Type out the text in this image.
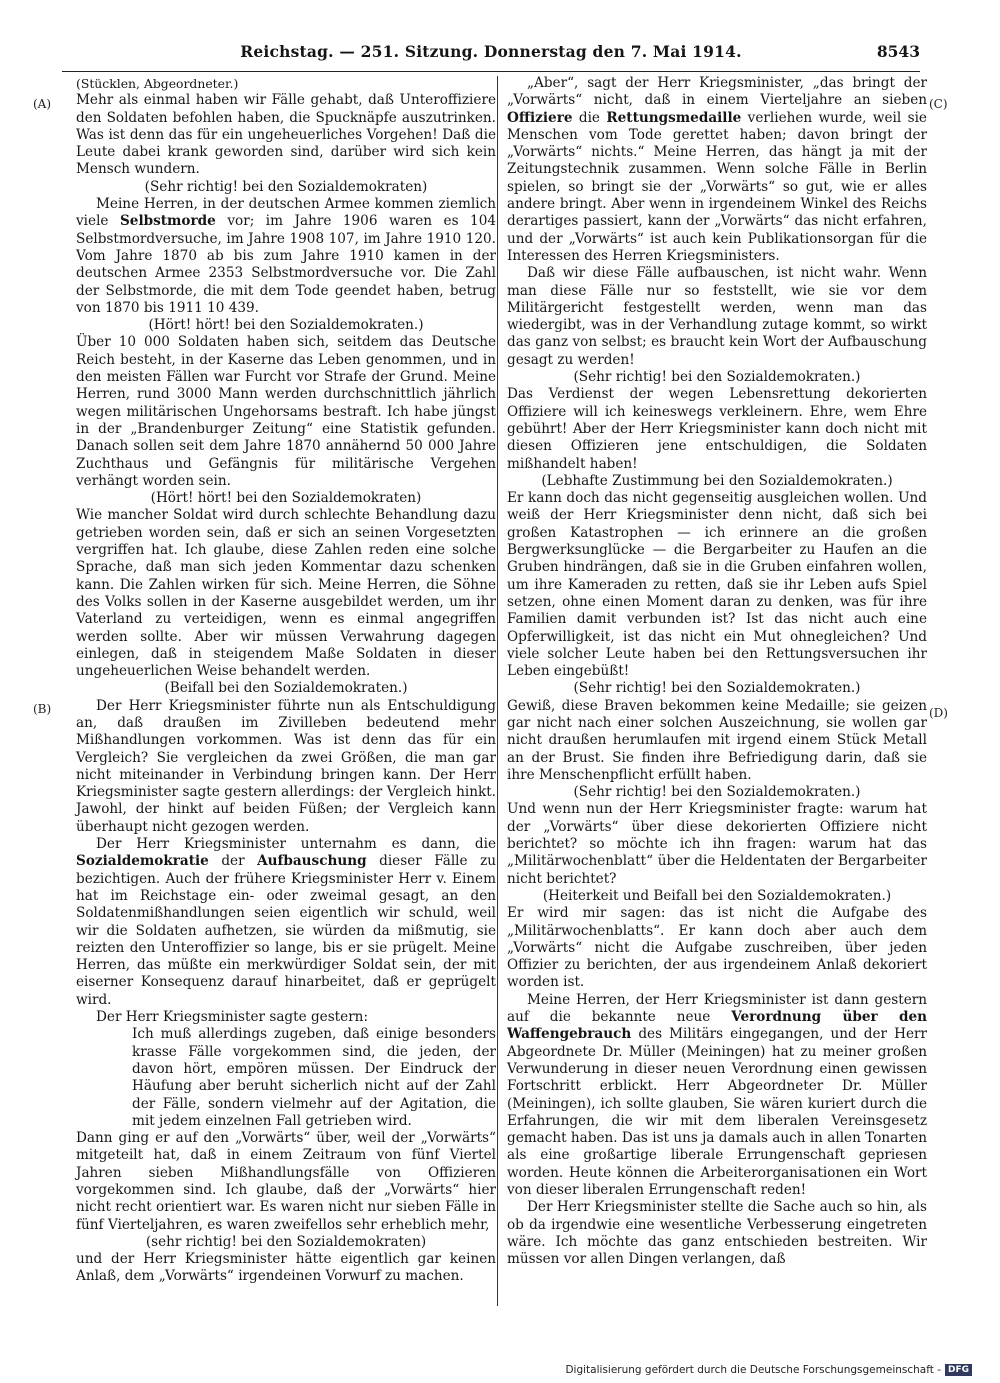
Reichstag. — 251. Sitzung. Donnerstag den 7. Mai 1914.	8543
(A)
(B)
(C)
(D)

(Stücklen, Abgeordneter.)

Mehr als einmal haben wir Fälle gehabt, daß Unteroffiziere den Soldaten befohlen haben, die Spucknäpfe auszutrinken. Was ist denn das für ein ungeheuerliches Vorgehen! Daß die Leute dabei krank geworden sind, darüber wird sich kein Mensch wundern.

(Sehr richtig! bei den Sozialdemokraten)

Meine Herren, in der deutschen Armee kommen ziemlich viele Selbstmorde vor; im Jahre 1906 waren es 104 Selbstmordversuche, im Jahre 1908 107, im Jahre 1910 120. Vom Jahre 1870 ab bis zum Jahre 1910 kamen in der deutschen Armee 2353 Selbstmordversuche vor. Die Zahl der Selbstmorde, die mit dem Tode geendet haben, betrug von 1870 bis 1911 10 439.

(Hört! hört! bei den Sozialdemokraten.)

Über 10 000 Soldaten haben sich, seitdem das Deutsche Reich besteht, in der Kaserne das Leben genommen, und in den meisten Fällen war Furcht vor Strafe der Grund. Meine Herren, rund 3000 Mann werden durchschnittlich jährlich wegen militärischen Ungehorsams bestraft. Ich habe jüngst in der „Brandenburger Zeitung“ eine Statistik gefunden. Danach sollen seit dem Jahre 1870 annähernd 50 000 Jahre Zuchthaus und Gefängnis für militärische Vergehen verhängt worden sein.

(Hört! hört! bei den Sozialdemokraten)

Wie mancher Soldat wird durch schlechte Behandlung dazu getrieben worden sein, daß er sich an seinen Vorgesetzten vergriffen hat. Ich glaube, diese Zahlen reden eine solche Sprache, daß man sich jeden Kommentar dazu schenken kann. Die Zahlen wirken für sich. Meine Herren, die Söhne des Volks sollen in der Kaserne ausgebildet werden, um ihr Vaterland zu verteidigen, wenn es einmal angegriffen werden sollte. Aber wir müssen Verwahrung dagegen einlegen, daß in steigendem Maße Soldaten in dieser ungeheuerlichen Weise behandelt werden.

(Beifall bei den Sozialdemokraten.)

Der Herr Kriegsminister führte nun als Entschuldigung an, daß draußen im Zivilleben bedeutend mehr Mißhandlungen vorkommen. Was ist denn das für ein Vergleich? Sie vergleichen da zwei Größen, die man gar nicht miteinander in Verbindung bringen kann. Der Herr Kriegsminister sagte gestern allerdings: der Vergleich hinkt. Jawohl, der hinkt auf beiden Füßen; der Vergleich kann überhaupt nicht gezogen werden.

Der Herr Kriegsminister unternahm es dann, die Sozialdemokratie der Aufbauschung dieser Fälle zu bezichtigen. Auch der frühere Kriegsminister Herr v. Einem hat im Reichstage ein- oder zweimal gesagt, an den Soldatenmißhandlungen seien eigentlich wir schuld, weil wir die Soldaten aufhetzen, sie würden da mißmutig, sie reizten den Unteroffizier so lange, bis er sie prügelt. Meine Herren, das müßte ein merkwürdiger Soldat sein, der mit eiserner Konsequenz darauf hinarbeitet, daß er geprügelt wird.

Der Herr Kriegsminister sagte gestern:

Ich muß allerdings zugeben, daß einige besonders krasse Fälle vorgekommen sind, die jeden, der davon hört, empören müssen. Der Eindruck der Häufung aber beruht sicherlich nicht auf der Zahl der Fälle, sondern vielmehr auf der Agitation, die mit jedem einzelnen Fall getrieben wird.

Dann ging er auf den „Vorwärts“ über, weil der „Vorwärts“ mitgeteilt hat, daß in einem Zeitraum von fünf Viertel Jahren sieben Mißhandlungsfälle von Offizieren vorgekommen sind. Ich glaube, daß der „Vorwärts“ hier nicht recht orientiert war. Es waren nicht nur sieben Fälle in fünf Vierteljahren, es waren zweifellos sehr erheblich mehr,

(sehr richtig! bei den Sozialdemokraten)

und der Herr Kriegsminister hätte eigentlich gar keinen Anlaß, dem „Vorwärts“ irgendeinen Vorwurf zu machen.

„Aber“, sagt der Herr Kriegsminister, „das bringt der „Vorwärts“ nicht, daß in einem Vierteljahre an sieben Offiziere die Rettungsmedaille verliehen wurde, weil sie Menschen vom Tode gerettet haben; davon bringt der „Vorwärts“ nichts.“ Meine Herren, das hängt ja mit der Zeitungstechnik zusammen. Wenn solche Fälle in Berlin spielen, so bringt sie der „Vorwärts“ so gut, wie er alles andere bringt. Aber wenn in irgendeinem Winkel des Reichs derartiges passiert, kann der „Vorwärts“ das nicht erfahren, und der „Vorwärts“ ist auch kein Publikationsorgan für die Interessen des Herren Kriegsministers.

Daß wir diese Fälle aufbauschen, ist nicht wahr. Wenn man diese Fälle nur so feststellt, wie sie vor dem Militärgericht festgestellt werden, wenn man das wiedergibt, was in der Verhandlung zutage kommt, so wirkt das ganz von selbst; es braucht kein Wort der Aufbauschung gesagt zu werden!

(Sehr richtig! bei den Sozialdemokraten.)

Das Verdienst der wegen Lebensrettung dekorierten Offiziere will ich keineswegs verkleinern. Ehre, wem Ehre gebührt! Aber der Herr Kriegsminister kann doch nicht mit diesen Offizieren jene entschuldigen, die Soldaten mißhandelt haben!

(Lebhafte Zustimmung bei den Sozialdemokraten.)

Er kann doch das nicht gegenseitig ausgleichen wollen. Und weiß der Herr Kriegsminister denn nicht, daß sich bei großen Katastrophen — ich erinnere an die großen Bergwerksunglücke — die Bergarbeiter zu Haufen an die Gruben hindrängen, daß sie in die Gruben einfahren wollen, um ihre Kameraden zu retten, daß sie ihr Leben aufs Spiel setzen, ohne einen Moment daran zu denken, was für ihre Familien damit verbunden ist? Ist das nicht auch eine Opferwilligkeit, ist das nicht ein Mut ohnegleichen? Und viele solcher Leute haben bei den Rettungsversuchen ihr Leben eingebüßt!

(Sehr richtig! bei den Sozialdemokraten.)

Gewiß, diese Braven bekommen keine Medaille; sie geizen gar nicht nach einer solchen Auszeichnung, sie wollen gar nicht draußen herumlaufen mit irgend einem Stück Metall an der Brust. Sie finden ihre Befriedigung darin, daß sie ihre Menschenpflicht erfüllt haben.

(Sehr richtig! bei den Sozialdemokraten.)

Und wenn nun der Herr Kriegsminister fragte: warum hat der „Vorwärts“ über diese dekorierten Offiziere nicht berichtet? so möchte ich ihn fragen: warum hat das „Militärwochenblatt“ über die Heldentaten der Bergarbeiter nicht berichtet?

(Heiterkeit und Beifall bei den Sozialdemokraten.)

Er wird mir sagen: das ist nicht die Aufgabe des „Militärwochenblatts“. Er kann doch aber auch dem „Vorwärts“ nicht die Aufgabe zuschreiben, über jeden Offizier zu berichten, der aus irgendeinem Anlaß dekoriert worden ist.

Meine Herren, der Herr Kriegsminister ist dann gestern auf die bekannte neue Verordnung über den Waffengebrauch des Militärs eingegangen, und der Herr Abgeordnete Dr. Müller (Meiningen) hat zu meiner großen Verwunderung in dieser neuen Verordnung einen gewissen Fortschritt erblickt. Herr Abgeordneter Dr. Müller (Meiningen), ich sollte glauben, Sie wären kuriert durch die Erfahrungen, die wir mit dem liberalen Vereinsgesetz gemacht haben. Das ist uns ja damals auch in allen Tonarten als eine großartige liberale Errungenschaft gepriesen worden. Heute können die Arbeiterorganisationen ein Wort von dieser liberalen Errungenschaft reden!

Der Herr Kriegsminister stellte die Sache auch so hin, als ob da irgendwie eine wesentliche Verbesserung eingetreten wäre. Ich möchte das ganz entschieden bestreiten. Wir müssen vor allen Dingen verlangen, daß

Digitalisierung gefördert durch die Deutsche Forschungsgemeinschaft - DFG
